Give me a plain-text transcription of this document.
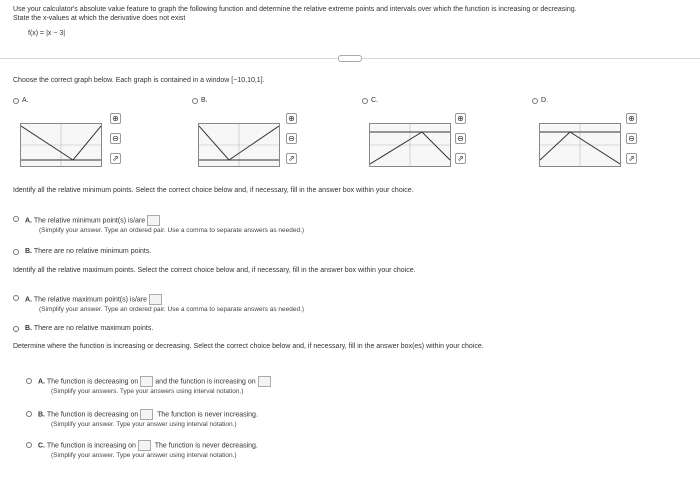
Use your calculator's absolute value feature to graph the following function and determine the relative extreme points and intervals over which the function is increasing or decreasing.
State the x-values at which the derivative does not exist
f(x) = |x − 3|
Choose the correct graph below. Each graph is contained in a window [−10,10,1].
A.
⊕
⊖
⇗
B.
⊕
⊖
⇗
C.
⊕
⊖
⇗
D.
⊕
⊖
⇗
Identify all the relative minimum points. Select the correct choice below and, if necessary, fill in the answer box within your choice.
A. The relative minimum point(s) is/are
(Simplify your answer. Type an ordered pair. Use a comma to separate answers as needed.)
B. There are no relative minimum points.
Identify all the relative maximum points. Select the correct choice below and, if necessary, fill in the answer box within your choice.
A. The relative maximum point(s) is/are
(Simplify your answer. Type an ordered pair. Use a comma to separate answers as needed.)
B. There are no relative maximum points.
Determine where the function is increasing or decreasing. Select the correct choice below and, if necessary, fill in the answer box(es) within your choice.
A. The function is decreasing on and the function is increasing on
(Simplify your answers. Type your answers using interval notation.)
B. The function is decreasing on	The function is never increasing.
(Simplify your answer. Type your answer using interval notation.)
C. The function is increasing on	The function is never decreasing.
(Simplify your answer. Type your answer using interval notation.)
